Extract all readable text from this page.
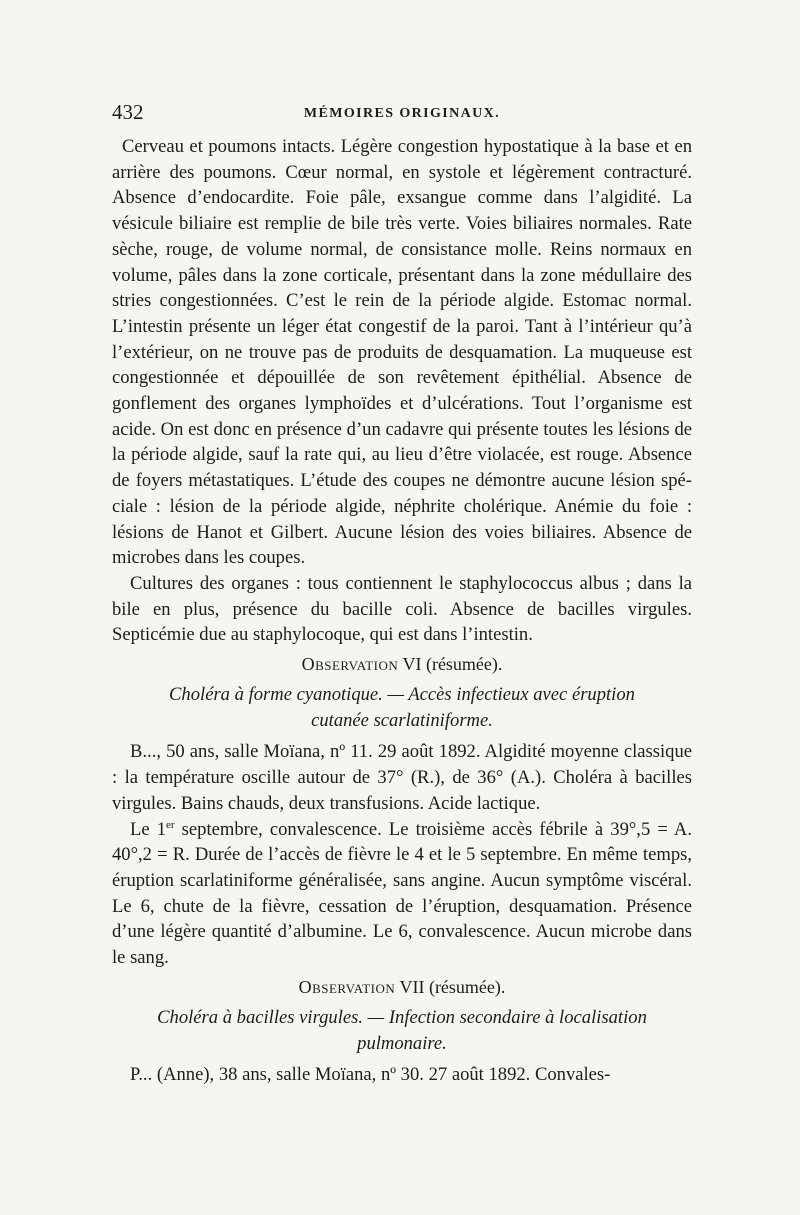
432	MÉMOIRES ORIGINAUX.

Cerveau et poumons intacts. Légère congestion hypostatique à la base et en arrière des poumons. Cœur normal, en systole et légèrement contracturé. Absence d’endocardite. Foie pâle, exsangue comme dans l’algidité. La vésicule biliaire est remplie de bile très verte. Voies biliaires normales. Rate sèche, rouge, de volume normal, de consistance molle. Reins normaux en volume, pâles dans la zone corticale, présentant dans la zone médullaire des stries congestionnées. C’est le rein de la période algide. Estomac normal. L’intestin présente un léger état congestif de la paroi. Tant à l’intérieur qu’à l’extérieur, on ne trouve pas de produits de desquamation. La muqueuse est congestionnée et dépouillée de son revêtement épithélial. Absence de gonflement des organes lymphoïdes et d’ulcérations. Tout l’organisme est acide. On est donc en présence d’un cadavre qui présente toutes les lésions de la période algide, sauf la rate qui, au lieu d’être violacée, est rouge. Absence de foyers métastatiques. L’étude des coupes ne démontre aucune lésion spéciale : lésion de la période algide, néphrite cholérique. Anémie du foie : lésions de Hanot et Gilbert. Aucune lésion des voies biliaires. Absence de microbes dans les coupes.

Cultures des organes : tous contiennent le staphylococcus albus ; dans la bile en plus, présence du bacille coli. Absence de bacilles virgules. Septicémie due au staphylocoque, qui est dans l’intestin.

Observation VI (résumée).
Choléra à forme cyanotique. — Accès infectieux avec éruption
cutanée scarlatiniforme.

B..., 50 ans, salle Moïana, nº 11. 29 août 1892. Algidité moyenne classique : la température oscille autour de 37° (R.), de 36° (A.). Choléra à bacilles virgules. Bains chauds, deux transfusions. Acide lactique.

Le 1er septembre, convalescence. Le troisième accès fébrile à 39°,5 = A. 40°,2 = R. Durée de l’accès de fièvre le 4 et le 5 septembre. En même temps, éruption scarlatiniforme généralisée, sans angine. Aucun symptôme viscéral. Le 6, chute de la fièvre, cessation de l’éruption, desquamation. Présence d’une légère quantité d’albumine. Le 6, convalescence. Aucun microbe dans le sang.

Observation VII (résumée).
Choléra à bacilles virgules. — Infection secondaire à localisation
pulmonaire.

P... (Anne), 38 ans, salle Moïana, nº 30. 27 août 1892. Convales-
